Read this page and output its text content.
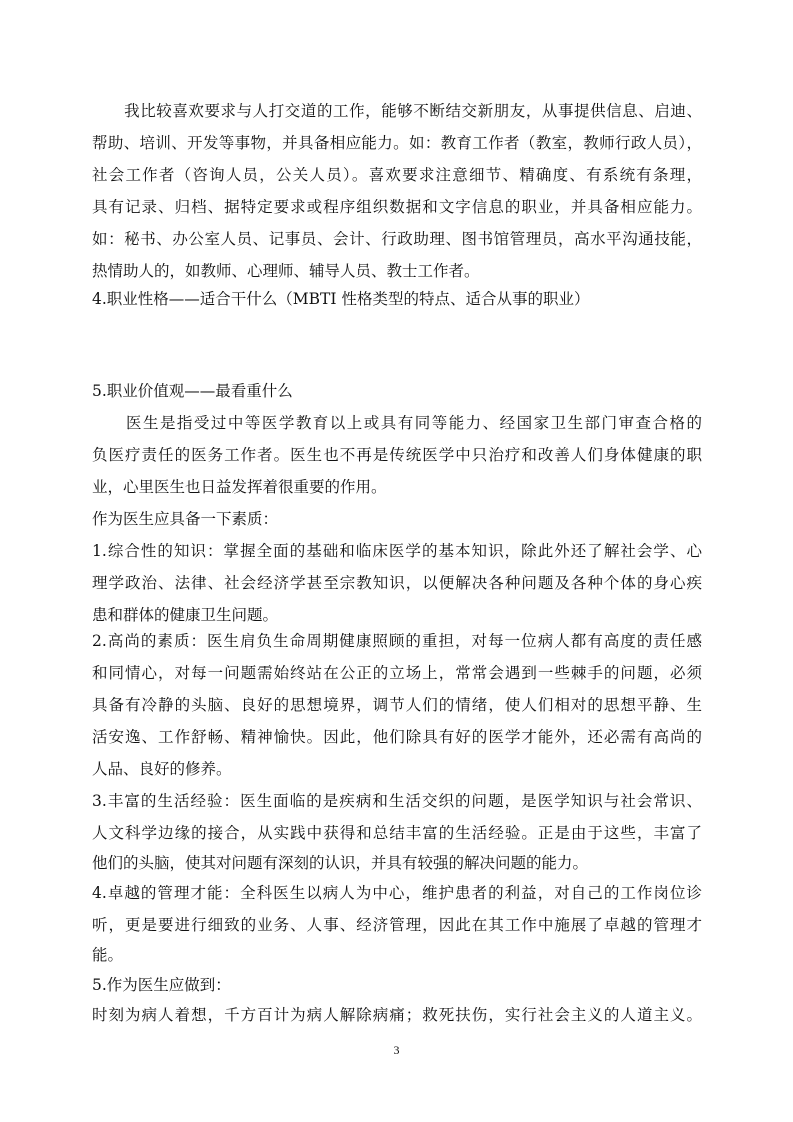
　　我比较喜欢要求与人打交道的工作，能够不断结交新朋友，从事提供信息、启迪、
帮助、培训、开发等事物，并具备相应能力。如：教育工作者（教室，教师行政人员），
社会工作者（咨询人员，公关人员）。喜欢要求注意细节、精确度、有系统有条理，
具有记录、归档、据特定要求或程序组织数据和文字信息的职业，并具备相应能力。
如：秘书、办公室人员、记事员、会计、行政助理、图书馆管理员，高水平沟通技能，
热情助人的，如教师、心理师、辅导人员、教士工作者。
4.职业性格——适合干什么（MBTI 性格类型的特点、适合从事的职业）
5.职业价值观——最看重什么
　　医生是指受过中等医学教育以上或具有同等能力、经国家卫生部门审查合格的
负医疗责任的医务工作者。医生也不再是传统医学中只治疗和改善人们身体健康的职
业，心里医生也日益发挥着很重要的作用。
作为医生应具备一下素质：
1.综合性的知识：掌握全面的基础和临床医学的基本知识，除此外还了解社会学、心
理学政治、法律、社会经济学甚至宗教知识，以便解决各种问题及各种个体的身心疾
患和群体的健康卫生问题。
2.高尚的素质：医生肩负生命周期健康照顾的重担，对每一位病人都有高度的责任感
和同情心，对每一问题需始终站在公正的立场上，常常会遇到一些棘手的问题，必须
具备有冷静的头脑、良好的思想境界，调节人们的情绪，使人们相对的思想平静、生
活安逸、工作舒畅、精神愉快。因此，他们除具有好的医学才能外，还必需有高尚的
人品、良好的修养。
3.丰富的生活经验：医生面临的是疾病和生活交织的问题，是医学知识与社会常识、
人文科学边缘的接合，从实践中获得和总结丰富的生活经验。正是由于这些，丰富了
他们的头脑，使其对问题有深刻的认识，并具有较强的解决问题的能力。
4.卓越的管理才能：全科医生以病人为中心，维护患者的利益，对自己的工作岗位诊
听，更是要进行细致的业务、人事、经济管理，因此在其工作中施展了卓越的管理才
能。
5.作为医生应做到：
时刻为病人着想，千方百计为病人解除病痛；救死扶伤，实行社会主义的人道主义。
3
